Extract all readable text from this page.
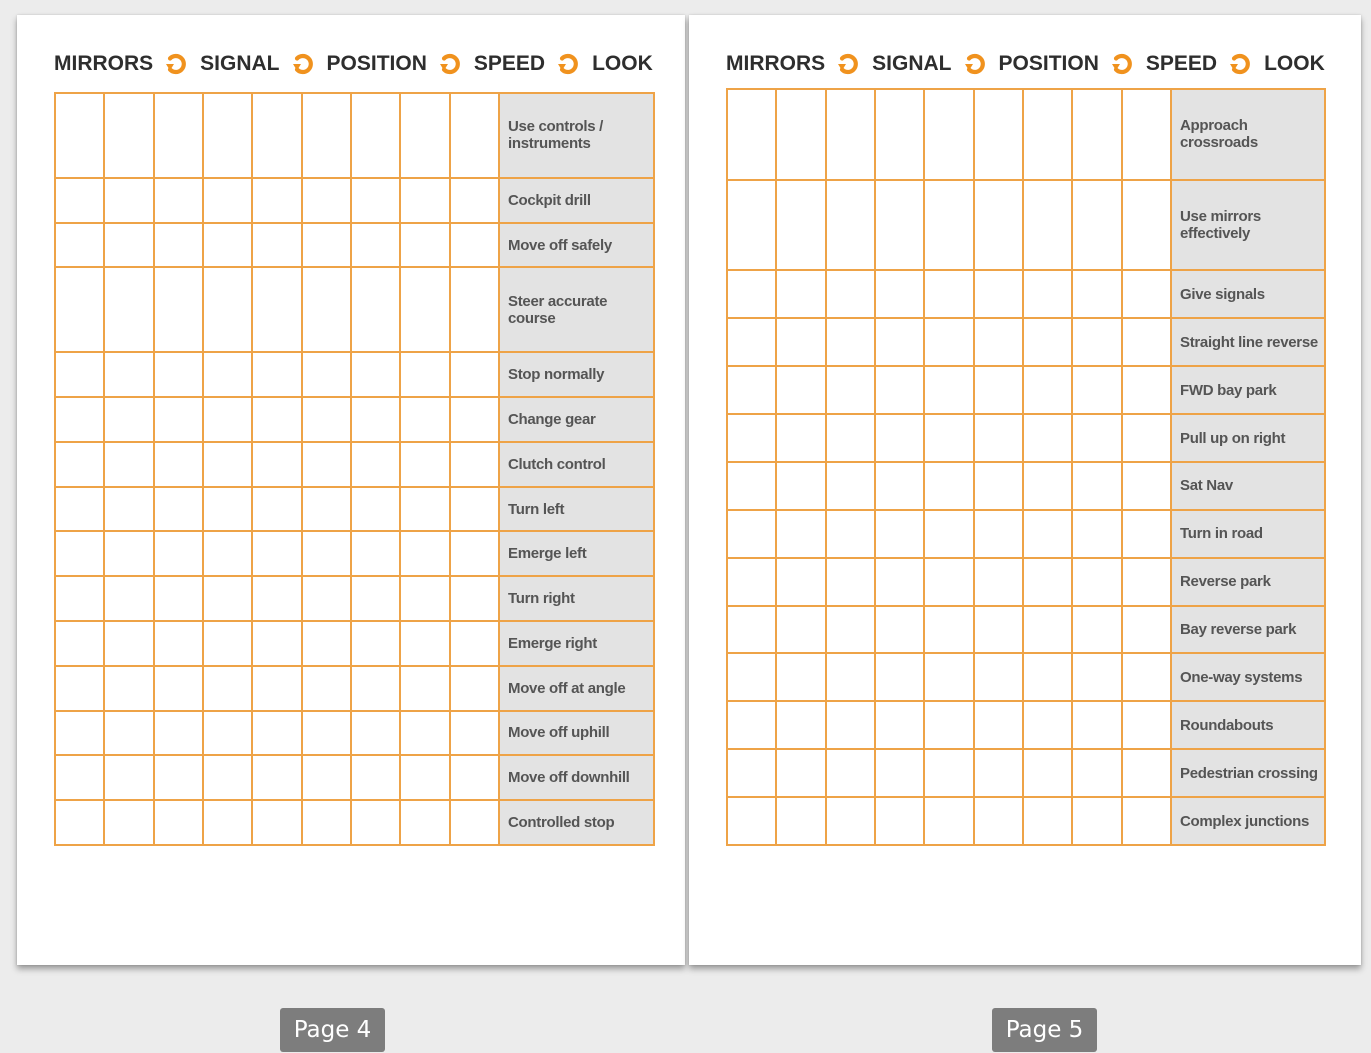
MIRRORS SIGNAL POSITION SPEED LOOK
									Use controls / instruments
									Cockpit drill
									Move off safely
									Steer accurate course
									Stop normally
									Change gear
									Clutch control
									Turn left
									Emerge left
									Turn right
									Emerge right
									Move off at angle
									Move off uphill
									Move off downhill
									Controlled stop
MIRRORS SIGNAL POSITION SPEED LOOK
									Approach crossroads
									Use mirrors effectively
									Give signals
									Straight line reverse
									FWD bay park
									Pull up on right
									Sat Nav
									Turn in road
									Reverse park
									Bay reverse park
									One-way systems
									Roundabouts
									Pedestrian crossing
									Complex junctions
Page 4	Page 5
